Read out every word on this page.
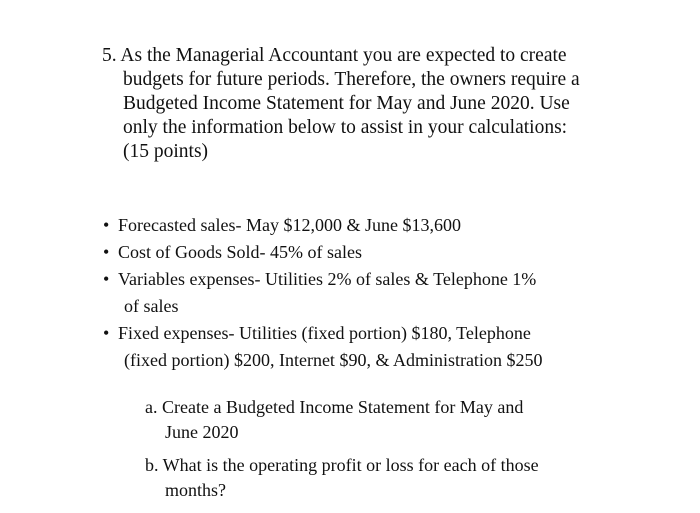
5. As the Managerial Accountant you are expected to create
budgets for future periods. Therefore, the owners require a
Budgeted Income Statement for May and June 2020. Use
only the information below to assist in your calculations:
(15 points)
• Forecasted sales- May $12,000 & June $13,600
• Cost of Goods Sold- 45% of sales
• Variables expenses- Utilities 2% of sales & Telephone 1%
of sales
• Fixed expenses- Utilities (fixed portion) $180, Telephone
(fixed portion) $200, Internet $90, & Administration $250
a. Create a Budgeted Income Statement for May and
June 2020
b. What is the operating profit or loss for each of those
months?
